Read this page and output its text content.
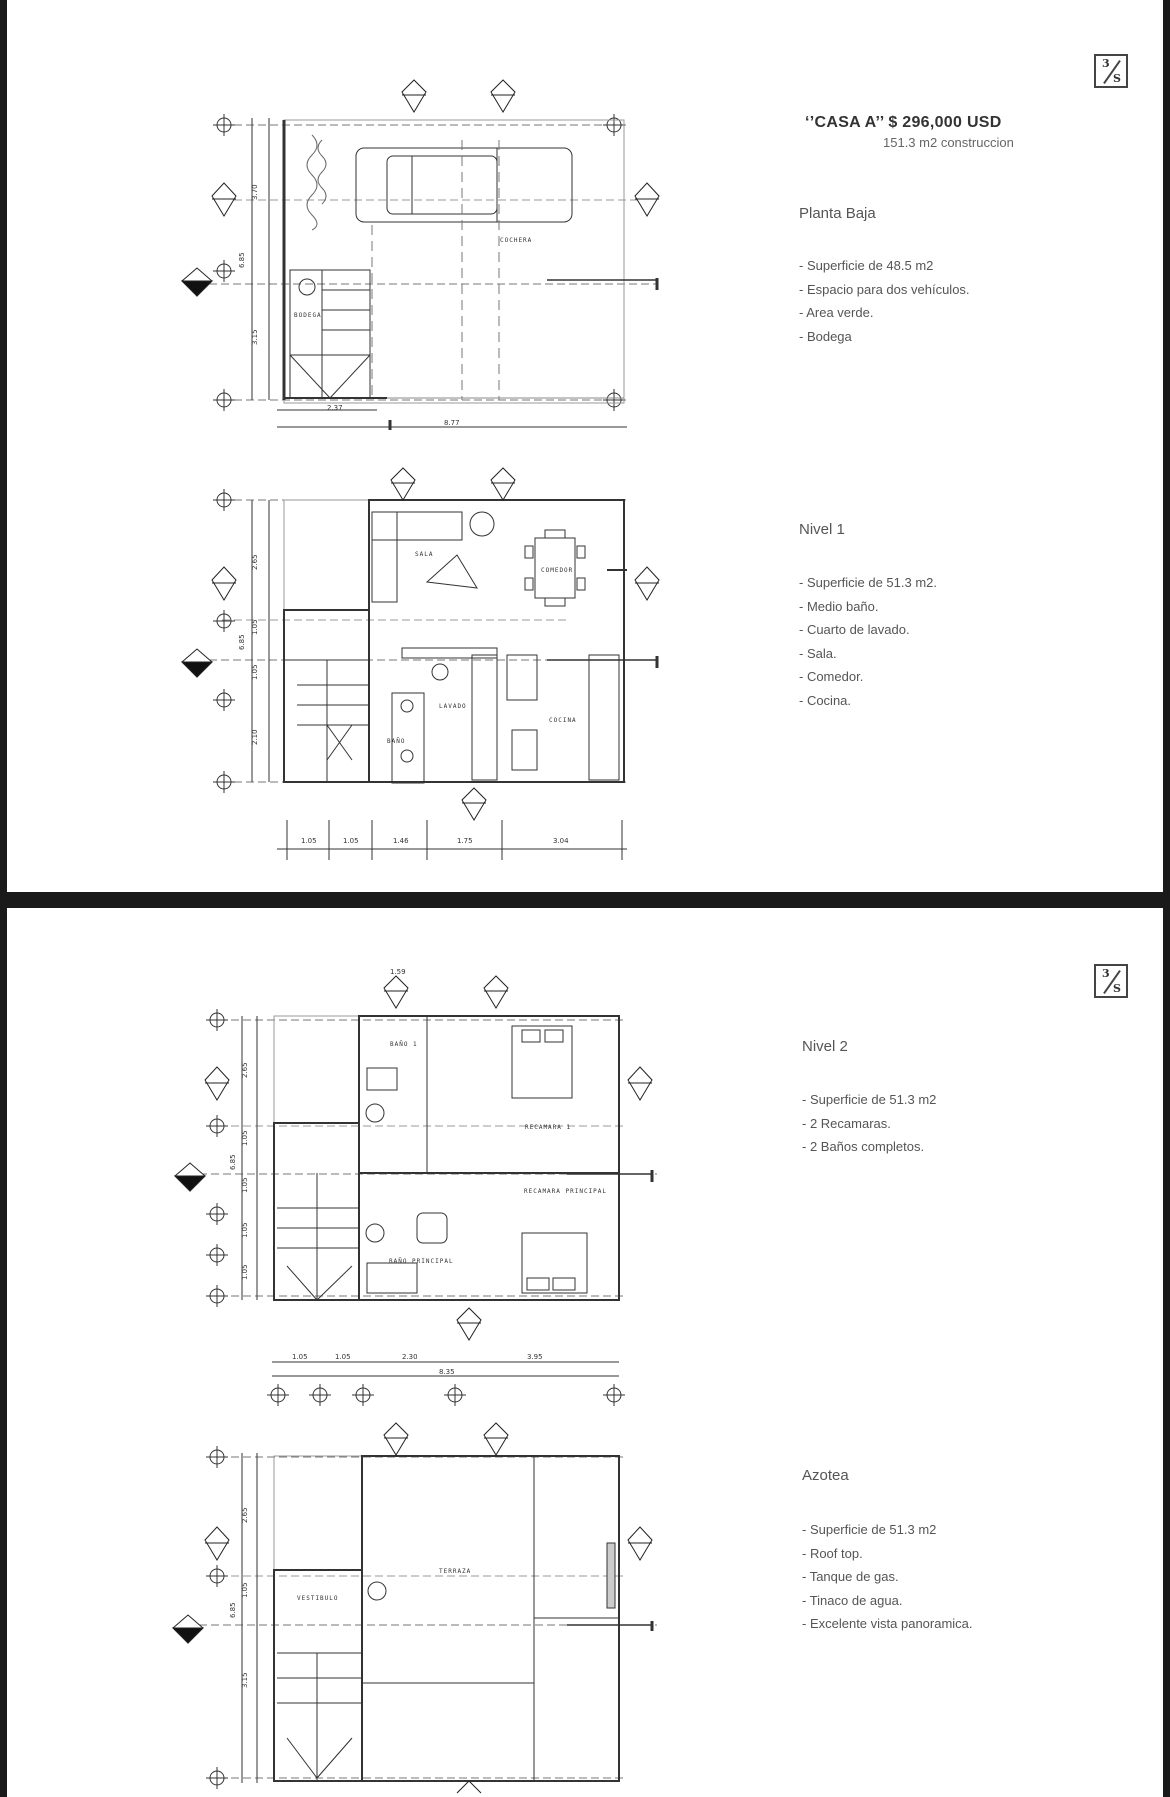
3
S
‘’CASA A’’ $ 296,000 USD
151.3 m2 construccion
Planta Baja
- Superficie de 48.5 m2
- Espacio para dos vehículos.
- Area verde.
- Bodega
Nivel 1
- Superficie de 51.3 m2.
- Medio baño.
- Cuarto de lavado.
- Sala.
- Comedor.
- Cocina.
COCHERA
BODEGA
SALA
COMEDOR
LAVADO
COCINA
BAÑO
3.70
3.15
6.85
2.37
8.77
2.65
1.05
1.05
2.10
6.85
1.05	1.05	1.46	1.75	3.04
3
S
Nivel 2
- Superficie de 51.3 m2
- 2 Recamaras.
- 2 Baños completos.
Azotea
- Superficie de 51.3 m2
- Roof top.
- Tanque de gas.
- Tinaco de agua.
- Excelente vista panoramica.
BAÑO 1
RECAMARA 1
RECAMARA PRINCIPAL
BAÑO PRINCIPAL
TERRAZA
VESTIBULO
1.59
2.65
1.05
1.05
1.05
1.05
6.85
1.05	1.05	2.30	3.95
8.35
2.65
1.05
3.15
6.85
